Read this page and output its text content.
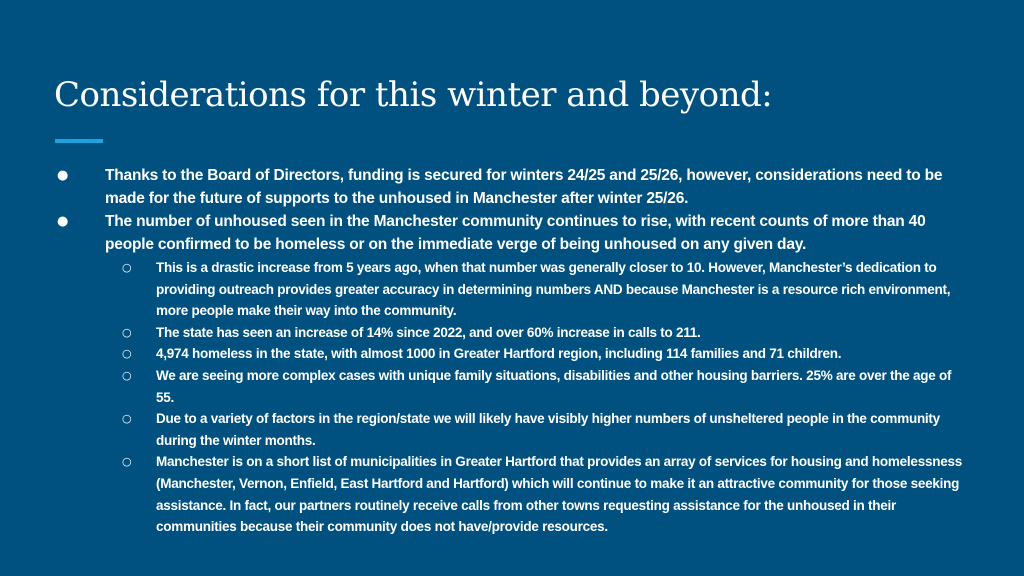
Considerations for this winter and beyond:
● Thanks to the Board of Directors, funding is secured for winters 24/25 and 25/26, however, considerations need to be made for the future of supports to the unhoused in Manchester after winter 25/26.
● The number of unhoused seen in the Manchester community continues to rise, with recent counts of more than 40 people confirmed to be homeless or on the immediate verge of being unhoused on any given day.
○ This is a drastic increase from 5 years ago, when that number was generally closer to 10. However, Manchester’s dedication to providing outreach provides greater accuracy in determining numbers AND because Manchester is a resource rich environment, more people make their way into the community.
○ The state has seen an increase of 14% since 2022, and over 60% increase in calls to 211.
○ 4,974 homeless in the state, with almost 1000 in Greater Hartford region, including 114 families and 71 children.
○ We are seeing more complex cases with unique family situations, disabilities and other housing barriers. 25% are over the age of 55.
○ Due to a variety of factors in the region/state we will likely have visibly higher numbers of unsheltered people in the community during the winter months.
○ Manchester is on a short list of municipalities in Greater Hartford that provides an array of services for housing and homelessness (Manchester, Vernon, Enfield, East Hartford and Hartford) which will continue to make it an attractive community for those seeking assistance. In fact, our partners routinely receive calls from other towns requesting assistance for the unhoused in their communities because their community does not have/provide resources.
